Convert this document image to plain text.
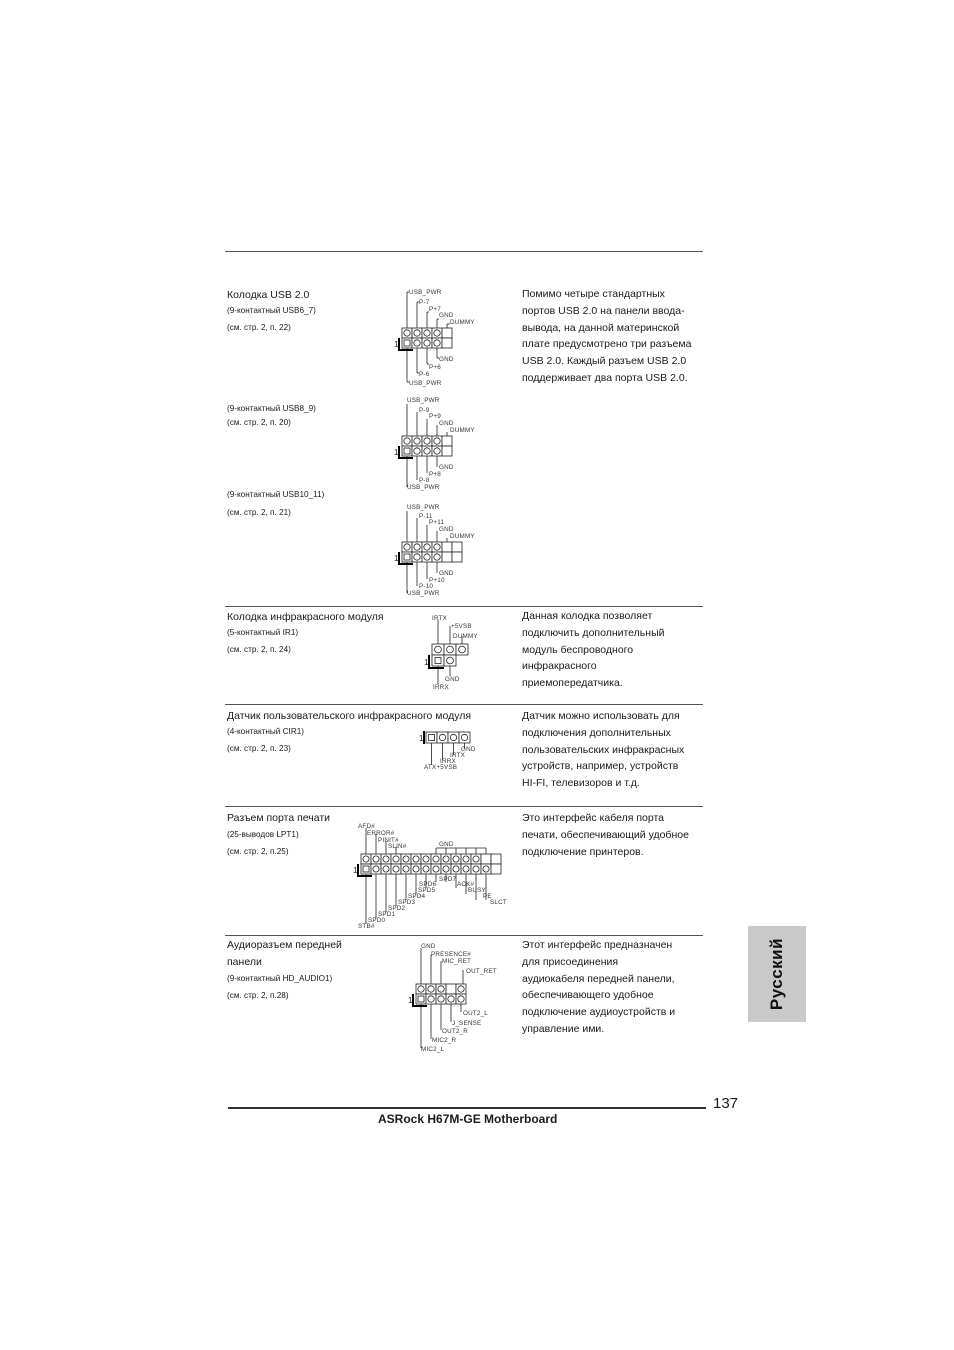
Колодка USB 2.0
(9-контактный USB6_7)
(см. стр. 2, п. 22)
(9-контактный USB8_9)
(см. стр. 2, п. 20)
(9-контактный USB10_11)
(см. стр. 2, п. 21)
Помимо четыре стандартных
портов USB 2.0 на панели ввода-
вывода, на данной материнской
плате предусмотрено три разъема
USB 2.0. Каждый разъем USB 2.0
поддерживает два порта USB 2.0.
1
USB_PWR
P-7
P+7
GND
DUMMY
GND
P+6
P-6
USB_PWR
1
USB_PWR
P-9
P+9
GND
DUMMY
GND
P+8
P-8
USB_PWR
1
USB_PWR
P-11
P+11
GND
DUMMY
GND
P+10
P-10
USB_PWR
Колодка инфракрасного модуля
(5-контактный IR1)
(см. стр. 2, п. 24)
Данная колодка позволяет
подключить дополнительный
модуль беспроводного
инфракрасного
приемопередатчика.
1
IRTX
+5VSB
DUMMY
GND
IRRX
Датчик пользовательского инфракрасного модуля
(4-контактный CIR1)
(см. стр. 2, п. 23)
Датчик можно использовать для
подключения дополнительных
пользовательских инфракрасных
устройств, например, устройств
HI-FI, телевизоров и т.д.
1
GND
IRTX
IRRX
ATX+5VSB
Разъем порта печати
(25-выводов LPT1)
(см. стр. 2, п.25)
Это интерфейс кабеля порта
печати, обеспечивающий удобное
подключение принтеров.
1
AFD#
ERROR#
PINIT#
SLIN#	GND
SPD7
SPD6	ACK#
SPD5	BUSY
SPD4	PE
SPD3	SLCT
SPD2
SPD1
SPD0
STB#
Аудиоразъем передней
панели
(9-контактный HD_AUDIO1)
(см. стр. 2, п.28)
Этот интерфейс предназначен
для присоединения
аудиокабеля передней панели,
обеспечивающего удобное
подключение аудиоустройств и
управление ими.
1
GND
PRESENCE#
MIC_RET
OUT_RET
OUT2_L
J_SENSE
OUT2_R
MIC2_R
MIC2_L
Русский
137
ASRock H67M-GE Motherboard
